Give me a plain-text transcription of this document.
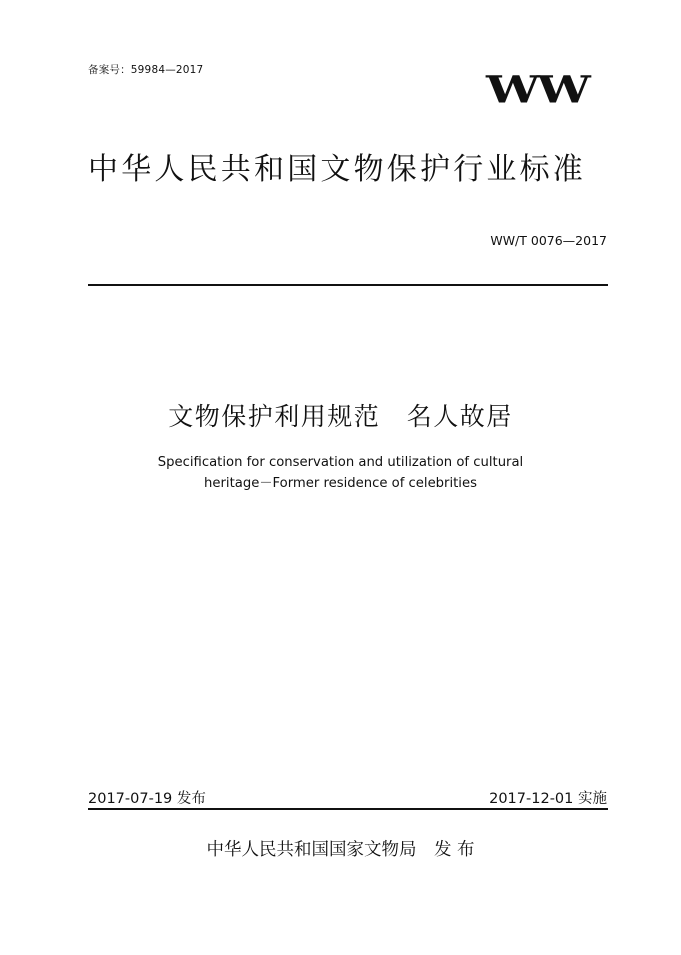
备案号：59984—2017	WW
中华人民共和国文物保护行业标准
WW/T 0076—2017
文物保护利用规范　名人故居
Specification for conservation and utilization of cultural
heritage－Former residence of celebrities
2017-07-19 发布	2017-12-01 实施
中华人民共和国国家文物局　发 布
